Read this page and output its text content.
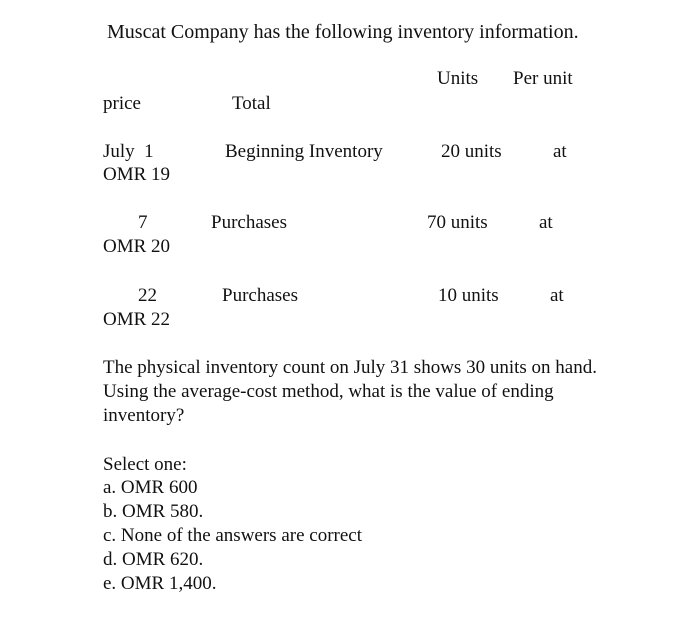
Muscat Company has the following inventory information.
Units Per unit
price	Total
July  1	Beginning Inventory	20 units	at
OMR 19
7	Purchases	70 units	at
OMR 20
22	Purchases	10 units	at
OMR 22
The physical inventory count on July 31 shows 30 units on hand. Using the average-cost method, what is the value of ending inventory?
Select one:
a. OMR 600
b. OMR 580.
c. None of the answers are correct
d. OMR 620.
e. OMR 1,400.
